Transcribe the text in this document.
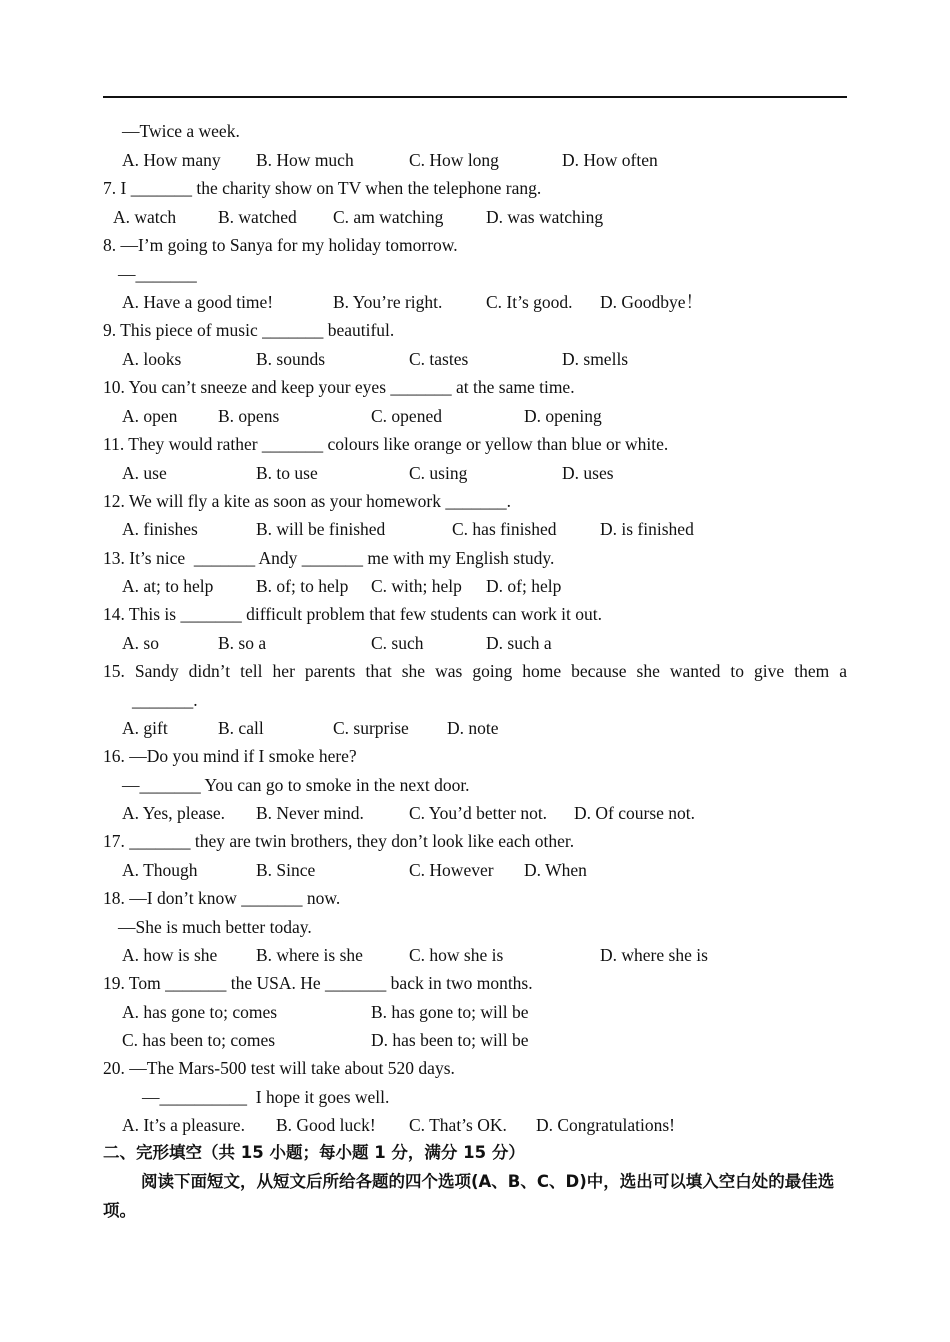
—Twice a week.
A. How many B. How much	C. How long	D. How often
7. I _______ the charity show on TV when the telephone rang.
A. watch B. watched C. am watching D. was watching
8. —I’m going to Sanya for my holiday tomorrow.
—_______
A. Have a good time!	B. You’re right. C. It’s good. D. Goodbye！
9. This piece of music _______ beautiful.
A. looks	B. sounds	C. tastes	D. smells
10. You can’t sneeze and keep your eyes _______ at the same time.
A. open B. opens	C. opened	D. opening
11. They would rather _______ colours like orange or yellow than blue or white.
A. use	B. to use	C. using	D. uses
12. We will fly a kite as soon as your homework _______.
A. finishes	B. will be finished	C. has finished D. is finished
13. It’s nice  _______ Andy _______ me with my English study.
A. at; to help B. of; to help C. with; help D. of; help
14. This is _______ difficult problem that few students can work it out.
A. so	B. so a	C. such	D. such a
15. Sandy didn’t tell her parents that she was going home because she wanted to give them a
_______.
A. gift	B. call	C. surprise D. note
16. —Do you mind if I smoke here?
—_______ You can go to smoke in the next door.
A. Yes, please. B. Never mind.	C. You’d better not. D. Of course not.
17. _______ they are twin brothers, they don’t look like each other.
A. Though	B. Since	C. However D. When
18. —I don’t know _______ now.
—She is much better today.
A. how is she B. where is she	C. how she is	D. where she is
19. Tom _______ the USA. He _______ back in two months.
A. has gone to; comes	B. has gone to; will be
C. has been to; comes	D. has been to; will be
20. —The Mars-500 test will take about 520 days.
—__________  I hope it goes well.
A. It’s a pleasure. B. Good luck! C. That’s OK. D. Congratulations!
二、完形填空（共 15 小题；每小题 1 分，满分 15 分）
阅读下面短文，从短文后所给各题的四个选项(A、B、C、D)中，选出可以填入空白处的最佳选项。
